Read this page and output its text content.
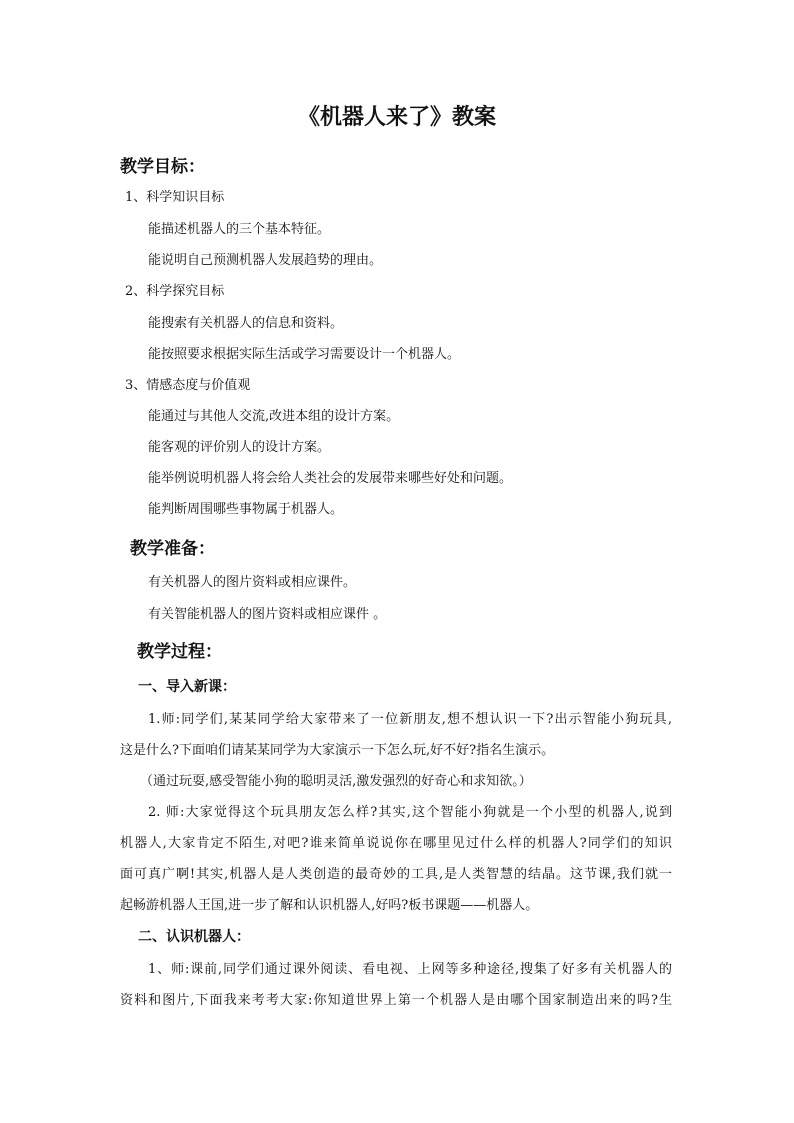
《机器人来了》教案

教学目标：

1、科学知识目标

能描述机器人的三个基本特征。

能说明自己预测机器人发展趋势的理由。

2、科学探究目标

能搜索有关机器人的信息和资料。

能按照要求根据实际生活或学习需要设计一个机器人。

3、情感态度与价值观

能通过与其他人交流,改进本组的设计方案。

能客观的评价别人的设计方案。

能举例说明机器人将会给人类社会的发展带来哪些好处和问题。

能判断周围哪些事物属于机器人。

教学准备：

有关机器人的图片资料或相应课件。

有关智能机器人的图片资料或相应课件 。

教学过程：

一、导入新课：

1.师:同学们,某某同学给大家带来了一位新朋友,想不想认识一下?出示智能小狗玩具,

这是什么?下面咱们请某某同学为大家演示一下怎么玩,好不好?指名生演示。

（通过玩耍,感受智能小狗的聪明灵活,激发强烈的好奇心和求知欲。）

2. 师:大家觉得这个玩具朋友怎么样?其实,这个智能小狗就是一个小型的机器人,说到

机器人,大家肯定不陌生,对吧?谁来简单说说你在哪里见过什么样的机器人?同学们的知识

面可真广啊!其实,机器人是人类创造的最奇妙的工具,是人类智慧的结晶。这节课,我们就一

起畅游机器人王国,进一步了解和认识机器人,好吗?板书课题——机器人。

二、认识机器人：

1、师:课前,同学们通过课外阅读、看电视、上网等多种途径,搜集了好多有关机器人的

资料和图片,下面我来考考大家:你知道世界上第一个机器人是由哪个国家制造出来的吗?生
